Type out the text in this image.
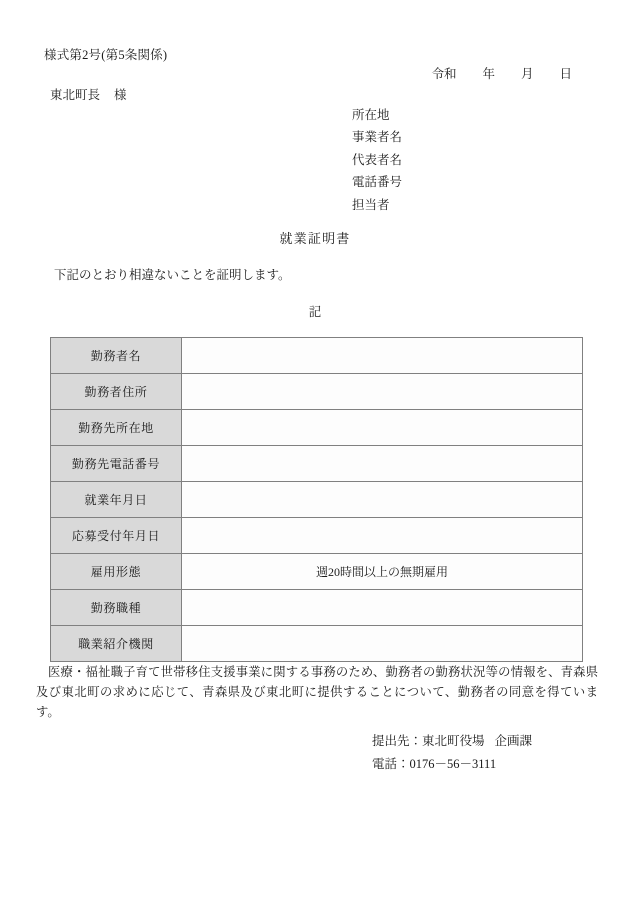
様式第2号(第5条関係)
令和 年 月 日
東北町長 様
所在地
事業者名
代表者名
電話番号
担当者
就業証明書
下記のとおり相違ないことを証明します。
記
勤務者名	
勤務者住所	
勤務先所在地	
勤務先電話番号	
就業年月日	
応募受付年月日	
雇用形態	週20時間以上の無期雇用
勤務職種	
職業紹介機関	
医療・福祉職子育て世帯移住支援事業に関する事務のため、勤務者の勤務状況等の情報を、青森県及び東北町の求めに応じて、青森県及び東北町に提供することについて、勤務者の同意を得ています。
提出先：東北町役場 企画課
電話：0176－56－3111
